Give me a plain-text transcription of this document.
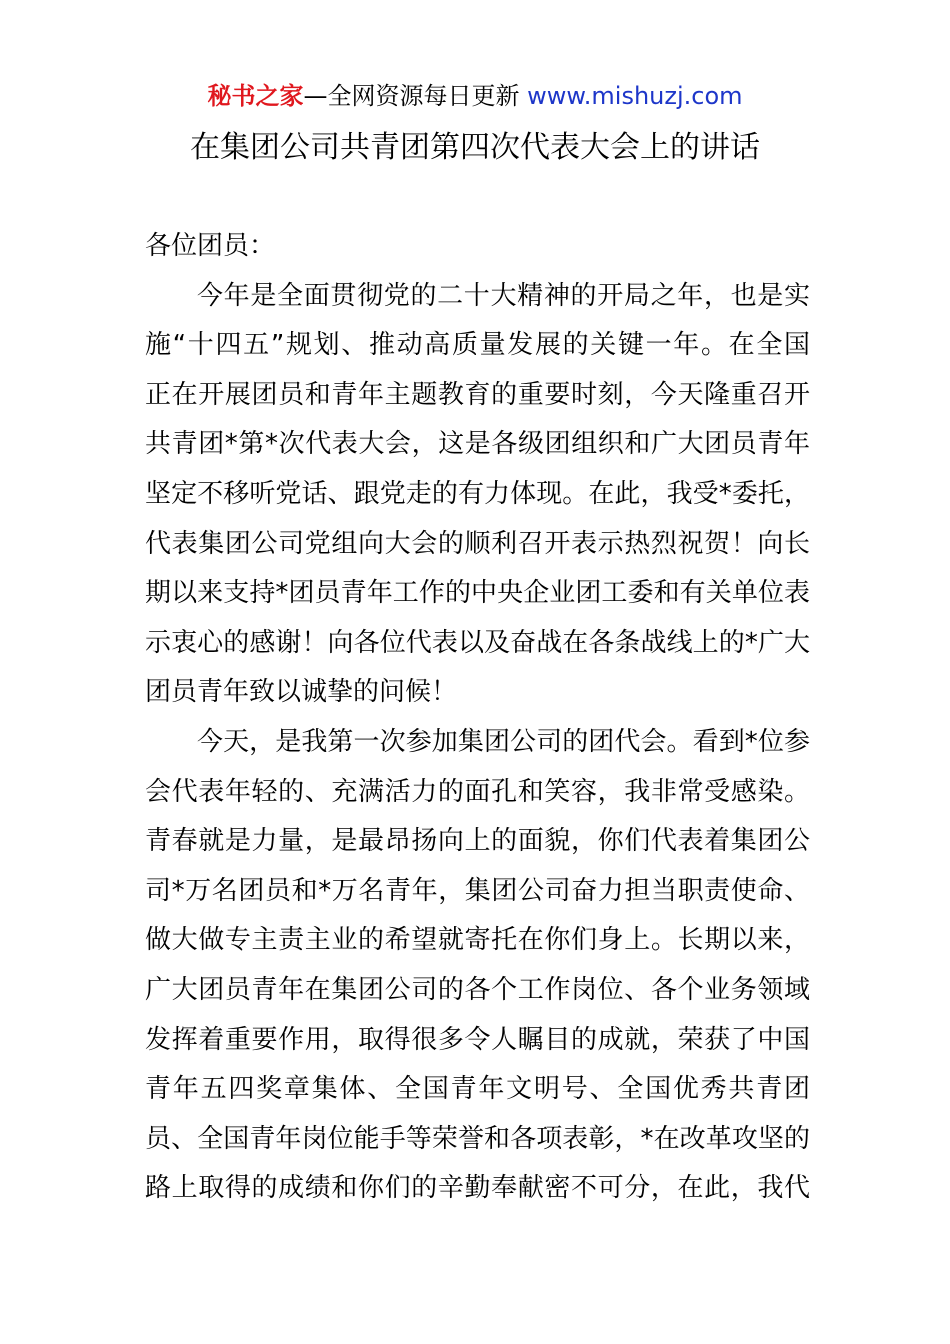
秘书之家—全网资源每日更新 www.mishuzj.com
在集团公司共青团第四次代表大会上的讲话
各位团员：
今年是全面贯彻党的二十大精神的开局之年，也是实
施“十四五”规划、推动高质量发展的关键一年。在全国
正在开展团员和青年主题教育的重要时刻，今天隆重召开
共青团*第*次代表大会，这是各级团组织和广大团员青年
坚定不移听党话、跟党走的有力体现。在此，我受*委托，
代表集团公司党组向大会的顺利召开表示热烈祝贺！向长
期以来支持*团员青年工作的中央企业团工委和有关单位表
示衷心的感谢！向各位代表以及奋战在各条战线上的*广大
团员青年致以诚挚的问候！
今天，是我第一次参加集团公司的团代会。看到*位参
会代表年轻的、充满活力的面孔和笑容，我非常受感染。
青春就是力量，是最昂扬向上的面貌，你们代表着集团公
司*万名团员和*万名青年，集团公司奋力担当职责使命、
做大做专主责主业的希望就寄托在你们身上。长期以来，
广大团员青年在集团公司的各个工作岗位、各个业务领域
发挥着重要作用，取得很多令人瞩目的成就，荣获了中国
青年五四奖章集体、全国青年文明号、全国优秀共青团
员、全国青年岗位能手等荣誉和各项表彰，*在改革攻坚的
路上取得的成绩和你们的辛勤奉献密不可分，在此，我代
